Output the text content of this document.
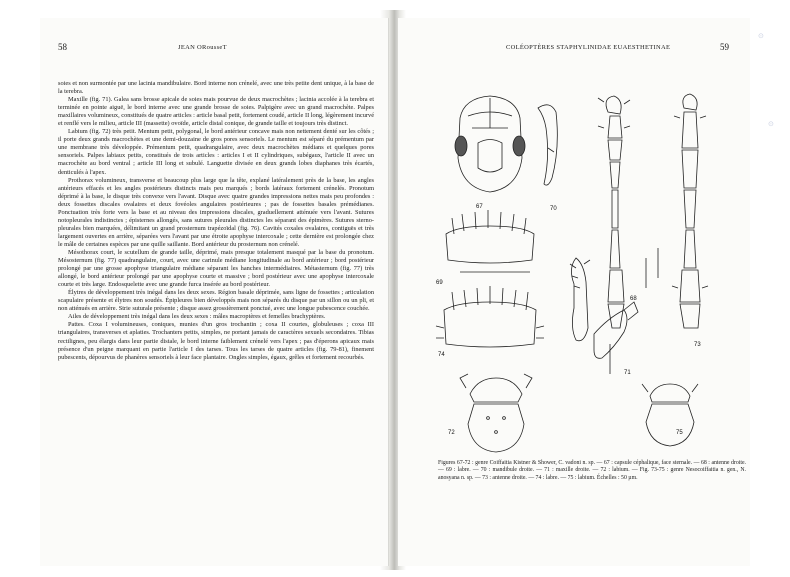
58	JEAN ORousseT

soies et non surmontée par une lacinia mandibulaire. Bord interne non crénelé, avec une très petite dent unique, à la base de la terebra.

Maxille (fig. 71). Galea sans brosse apicale de soies mais pourvue de deux macrochètes ; lacinia accolée à la terebra et terminée en pointe aiguë, le bord interne avec une grande brosse de soies. Palpigère avec un grand macrochète. Palpes maxillaires volumineux, constitués de quatre articles : article basal petit, fortement coudé, article II long, légèrement incurvé et renflé vers le milieu, article III (massette) ovoïde, article distal conique, de grande taille et toujours très distinct.

Labium (fig. 72) très petit. Mentum petit, polygonal, le bord antérieur concave mais non nettement denté sur les côtés ; il porte deux grands macrochètes et une demi-douzaine de gros pores sensoriels. Le mentum est séparé du prémentum par une membrane très développée. Prémentum petit, quadrangulaire, avec deux macrochètes médians et quelques pores sensoriels. Palpes labiaux petits, constitués de trois articles : articles I et II cylindriques, subégaux, l'article II avec un macrochète au bord ventral ; article III long et subulé. Languette divisée en deux grands lobes diaphanes très écartés, denticulés à l'apex.

Prothorax volumineux, transverse et beaucoup plus large que la tête, explané latéralement près de la base, les angles antérieurs effacés et les angles postérieurs distincts mais peu marqués ; bords latéraux fortement crénelés. Pronotum déprimé à la base, le disque très convexe vers l'avant. Disque avec quatre grandes impressions nettes mais peu profondes : deux fossettes discales ovalaires et deux fovéoles angulaires postérieures ; pas de fossettes basales prémédianes. Ponctuation très forte vers la base et au niveau des impressions discales, graduellement atténuée vers l'avant. Sutures notopleurales indistinctes ; épisternes allongés, sans sutures pleurales distinctes les séparant des épimères. Sutures sterno-pleurales bien marquées, délimitant un grand prosternum trapézoïdal (fig. 76). Cavités coxales ovalaires, contiguës et très largement ouvertes en arrière, séparées vers l'avant par une étroite apophyse intercoxale ; cette dernière est prolongée chez le mâle de certaines espèces par une quille saillante. Bord antérieur du prosternum non crénelé.

Mésothorax court, le scutellum de grande taille, déprimé, mais presque totalement masqué par la base du pronotum. Mésosternum (fig. 77) quadrangulaire, court, avec une carinule médiane longitudinale au bord antérieur ; bord postérieur prolongé par une grosse apophyse triangulaire médiane séparant les hanches intermédiaires. Métasternum (fig. 77) très allongé, le bord antérieur prolongé par une apophyse courte et massive ; bord postérieur avec une apophyse intercoxale courte et très large. Endosquelette avec une grande furca insérée au bord postérieur.

Élytres de développement très inégal dans les deux sexes. Région basale déprimée, sans ligne de fossettes ; articulation scapulaire présente et élytres non soudés. Épipleures bien développés mais non séparés du disque par un sillon ou un pli, et non atténués en arrière. Strie suturale présente ; disque assez grossièrement ponctué, avec une longue pubescence couchée.

Ailes de développement très inégal dans les deux sexes : mâles macroptères et femelles brachyptères.

Pattes. Coxa I volumineuses, coniques, munies d'un gros trochantin ; coxa II courtes, globuleuses ; coxa III triangulaires, transverses et aplaties. Trochanters petits, simples, ne portant jamais de caractères sexuels secondaires. Tibias rectilignes, peu élargis dans leur partie distale, le bord interne faiblement crénelé vers l'apex ; pas d'éperons apicaux mais présence d'un peigne marquant en partie l'article I des tarses. Tous les tarses de quatre articles (fig. 79-81), finement pubescents, dépourvus de phanères sensoriels à leur face plantaire. Ongles simples, égaux, grêles et fortement recourbés.

COLÉOPTÈRES STAPHYLINIDAE EUAESTHETINAE	59
67	70
68
73
69
71
74
72	75
Figures 67-72 : genre Coiffaitia Kistner & Shower, C. vadoni n. sp. — 67 : capsule céphalique, face sternale. — 68 : antenne droite. — 69 : labre. — 70 : mandibule droite. — 71 : maxille droite. — 72 : labium. — Fig. 73-75 : genre Nesocoiffaitia n. gen., N. anosyana n. sp. — 73 : antenne droite. — 74 : labre. — 75 : labium. Échelles : 50 µm.
⊙
⊙
